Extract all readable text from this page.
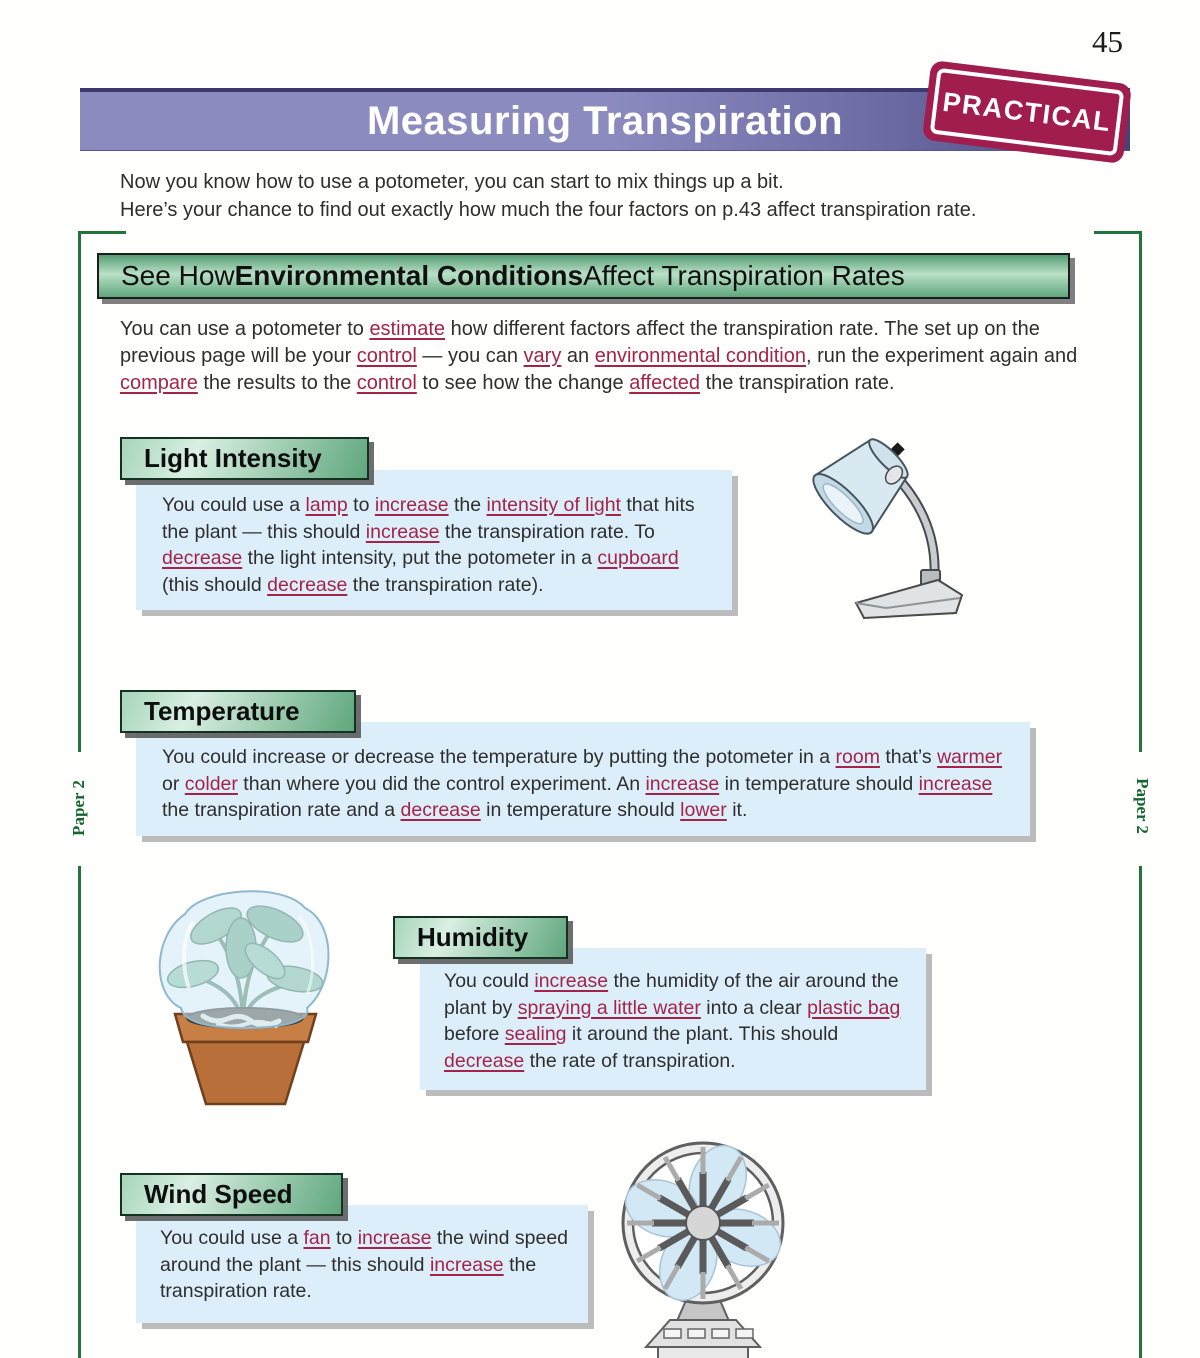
45
Measuring Transpiration	PRACTICAL
Now you know how to use a potometer, you can start to mix things up a bit.
Here’s your chance to find out exactly how much the four factors on p.43 affect transpiration rate.
Paper 2	Paper 2
See How Environmental Conditions Affect Transpiration Rates
You can use a potometer to estimate how different factors affect the transpiration rate. The set up on the previous page will be your control — you can vary an environmental condition, run the experiment again and compare the results to the control to see how the change affected the transpiration rate.
Light Intensity
You could use a lamp to increase the intensity of light that hits the plant — this should increase the transpiration rate. To decrease the light intensity, put the potometer in a cupboard (this should decrease the transpiration rate).
Temperature
You could increase or decrease the temperature by putting the potometer in a room that’s warmer or colder than where you did the control experiment. An increase in temperature should increase the transpiration rate and a decrease in temperature should lower it.
Humidity
You could increase the humidity of the air around the plant by spraying a little water into a clear plastic bag before sealing it around the plant. This should decrease the rate of transpiration.
Wind Speed
You could use a fan to increase the wind speed around the plant — this should increase the transpiration rate.
